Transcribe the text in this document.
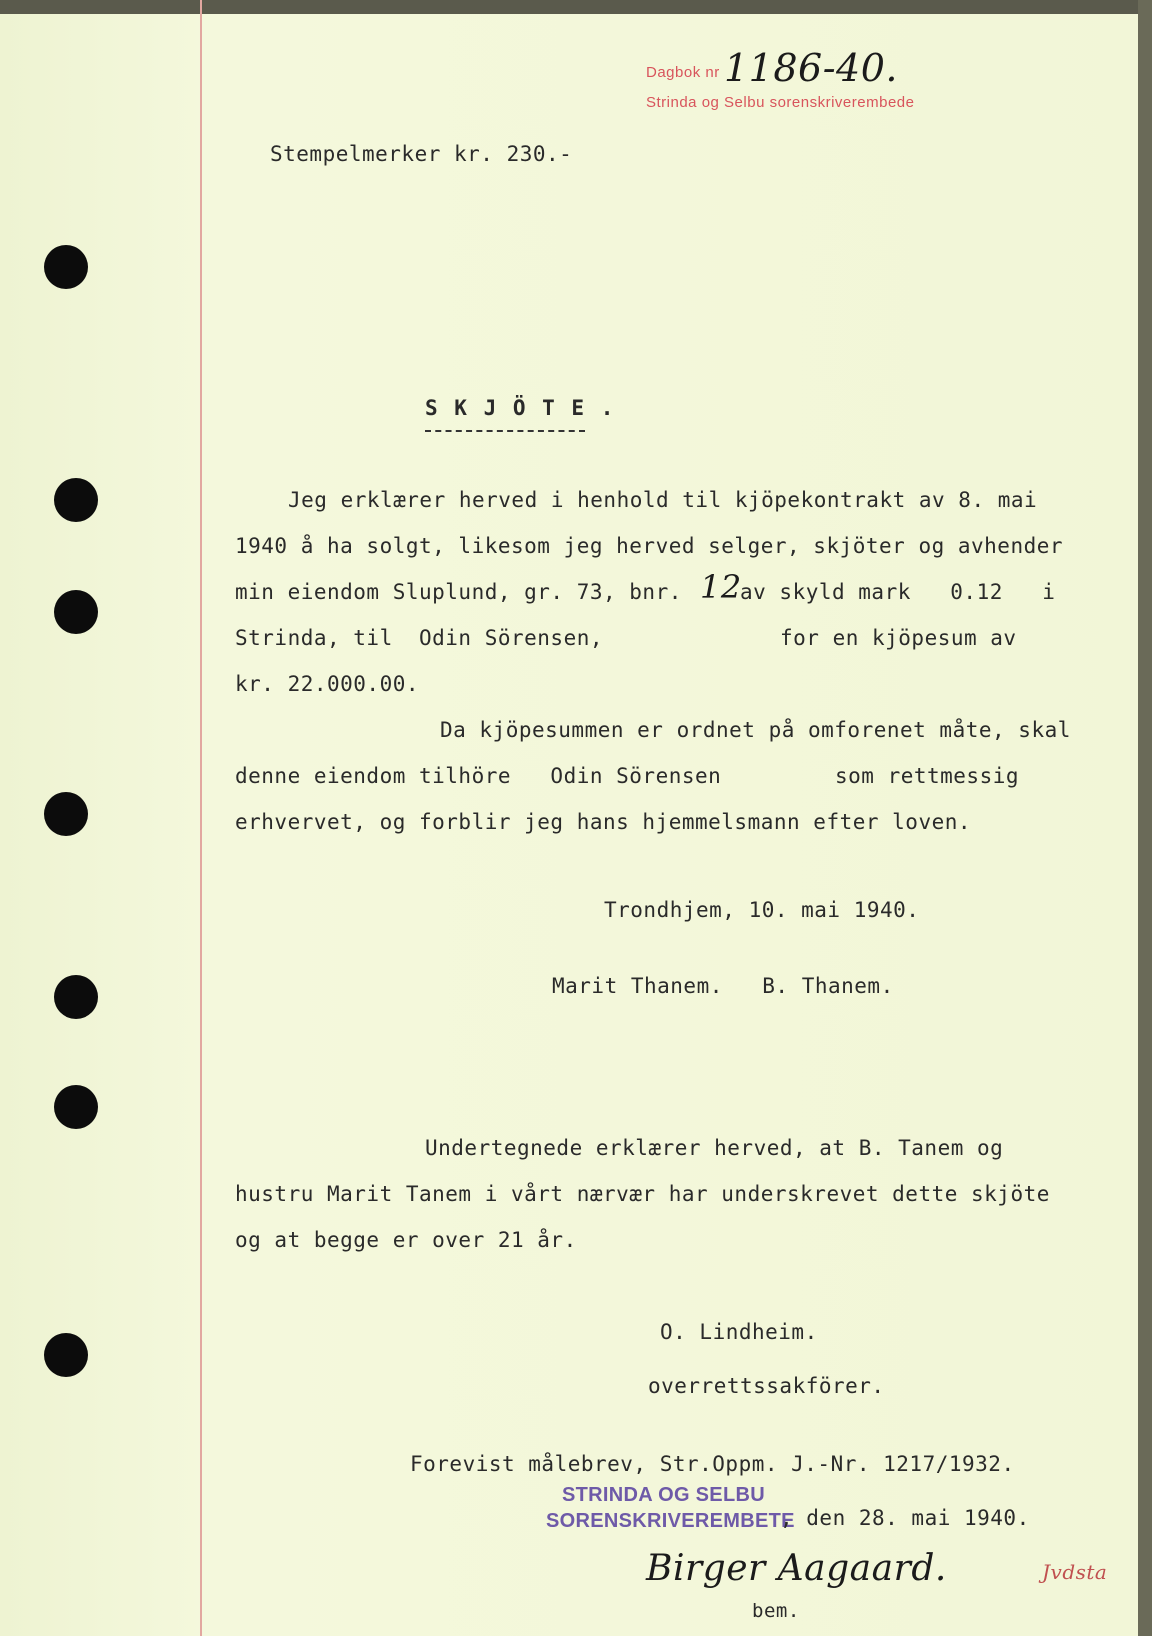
Dagbok nr 1186-40.
Strinda og Selbu sorenskriverembede
Stempelmerker kr. 230.-
S K J Ö T E .
Jeg erklærer herved i henhold til kjöpekontrakt av 8. mai
1940 å ha solgt, likesom jeg herved selger, skjöter og avhender
min eiendom Sluplund, gr. 73, bnr. 12
av skyld mark   0.12   i
Strinda, til  Odin Sörensen,	for en kjöpesum av
kr. 22.000.00.
Da kjöpesummen er ordnet på omforenet måte, skal
denne eiendom tilhöre   Odin Sörensen	som rettmessig
erhvervet, og forblir jeg hans hjemmelsmann efter loven.
Trondhjem, 10. mai 1940.
Marit Thanem.   B. Thanem.
Undertegnede erklærer herved, at B. Tanem og
hustru Marit Tanem i vårt nærvær har underskrevet dette skjöte
og at begge er over 21 år.
O. Lindheim.
overrettssakförer.
Forevist målebrev, Str.Oppm. J.-Nr. 1217/1932.
STRINDA OG SELBU
SORENSKRIVEREMBETE
, den 28. mai 1940.
Birger Aagaard.
bem.
Jvdsta
